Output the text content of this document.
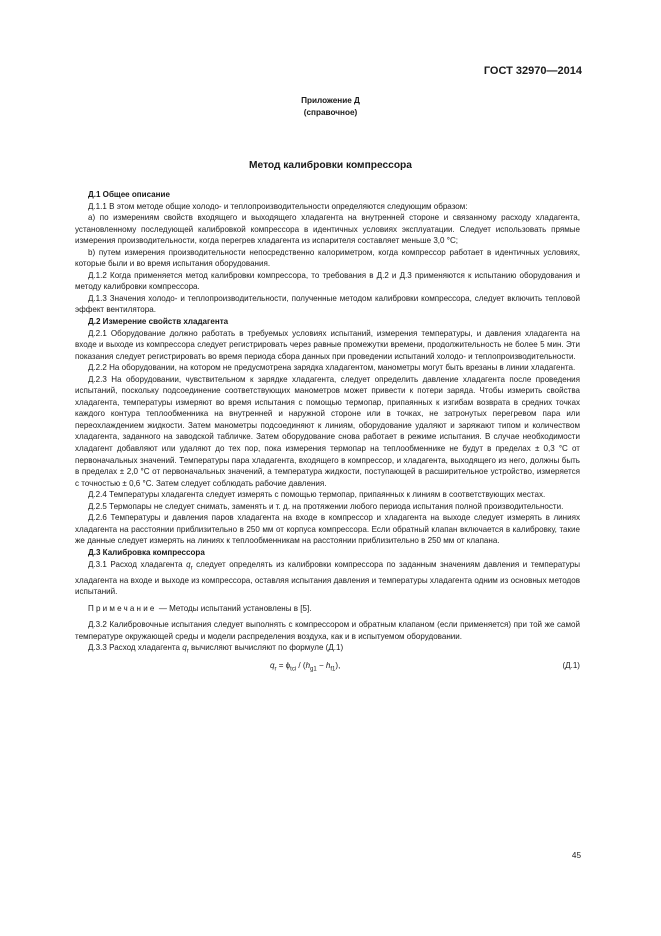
ГОСТ 32970—2014
Приложение Д
(справочное)
Метод калибровки компрессора

Д.1 Общее описание

Д.1.1 В этом методе общие холодо- и теплопроизводительности определяются следующим образом:

а) по измерениям свойств входящего и выходящего хладагента на внутренней стороне и связанному расходу хладагента, установленному последующей калибровкой компрессора в идентичных условиях эксплуатации. Следует использовать прямые измерения производительности, когда перегрев хладагента из испарителя составляет меньше 3,0 °С;

b) путем измерения производительности непосредственно калориметром, когда компрессор работает в идентичных условиях, которые были и во время испытания оборудования.

Д.1.2 Когда применяется метод калибровки компрессора, то требования в Д.2 и Д.3 применяются к испытанию оборудования и методу калибровки компрессора.

Д.1.3 Значения холодо- и теплопроизводительности, полученные методом калибровки компрессора, следует включить тепловой эффект вентилятора.

Д.2 Измерение свойств хладагента

Д.2.1 Оборудование должно работать в требуемых условиях испытаний, измерения температуры, и давления хладагента на входе и выходе из компрессора следует регистрировать через равные промежутки времени, продолжительность не более 5 мин. Эти показания следует регистрировать во время периода сбора данных при проведении испытаний холодо- и теплопроизводительности.

Д.2.2 На оборудовании, на котором не предусмотрена зарядка хладагентом, манометры могут быть врезаны в линии хладагента.

Д.2.3 На оборудовании, чувствительном к зарядке хладагента, следует определить давление хладагента после проведения испытаний, поскольку подсоединение соответствующих манометров может привести к потери заряда. Чтобы измерить свойства хладагента, температуры измеряют во время испытания с помощью термопар, припаянных к изгибам возврата в средних точках каждого контура теплообменника на внутренней и наружной стороне или в точках, не затронутых перегревом пара или переохлаждением жидкости. Затем манометры подсоединяют к линиям, оборудование удаляют и заряжают типом и количеством хладагента, заданного на заводской табличке. Затем оборудование снова работает в режиме испытания. В случае необходимости хладагент добавляют или удаляют до тех пор, пока измерения термопар на теплообменнике не будут в пределах ± 0,3 °С от первоначальных значений. Температуры пара хладагента, входящего в компрессор, и хладагента, выходящего из него, должны быть в пределах ± 2,0 °С от первоначальных значений, а температура жидкости, поступающей в расширительное устройство, измеряется с точностью ± 0,6 °С. Затем следует соблюдать рабочие давления.

Д.2.4 Температуры хладагента следует измерять с помощью термопар, припаянных к линиям в соответствующих местах.

Д.2.5 Термопары не следует снимать, заменять и т. д. на протяжении любого периода испытания полной производительности.

Д.2.6 Температуры и давления паров хладагента на входе в компрессор и хладагента на выходе следует измерять в линиях хладагента на расстоянии приблизительно в 250 мм от корпуса компрессора. Если обратный клапан включается в калибровку, такие же данные следует измерять на линиях к теплообменникам на расстоянии приблизительно в 250 мм от клапана.

Д.3 Калибровка компрессора

Д.3.1 Расход хладагента $q_r$ следует определять из калибровки компрессора по заданным значениям давления и температуры хладагента на входе и выходе из компрессора, оставляя испытания давления и температуры хладагента одним из основных методов испытаний.

Примечание — Методы испытаний установлены в [5].

Д.3.2 Калибровочные испытания следует выполнять с компрессором и обратным клапаном (если применяется) при той же самой температуре окружающей среды и модели распределения воздуха, как и в испытуемом оборудовании.

Д.3.3 Расход хладагента $q_r$ вычисляют вычисляют по формуле (Д.1)

$q_r = \phi_{tci} / (h_{g1} - h_{f1})$,	(Д.1)
45
